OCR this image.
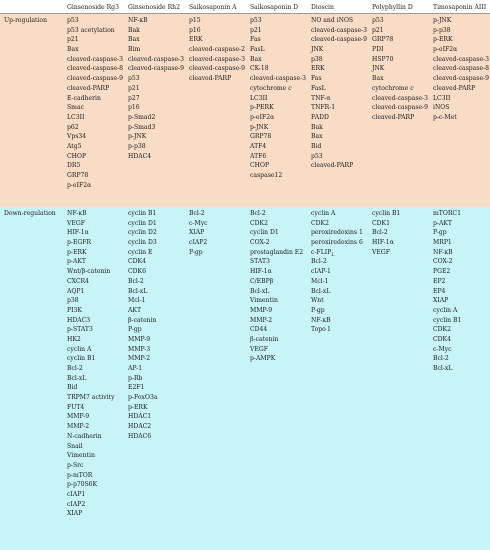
Ginsenoside Rg3 Ginsenoside Rh2 Saikosaponin A Saikosaponin D Dioscin	Polyphyllin D	Timosaponin AIII
Up-regulation
Down-regulation
p53
p53 acetylation
p21
Bax
cleaved-caspase-3
cleaved-caspase-8
cleaved-caspase-9
cleaved-PARP
E-cadherin
Smac
LC3II
p62
Vps34
Atg5
CHOP
DR5
GRP78
p-eIF2α
NF-κB
Bak
Bax
Bim
cleaved-caspase-3
cleaved-caspase-9
p53
p21
p27
p16
p-Smad2
p-Smad3
p-JNK
p-p38
HDAC4
p15
p16
ERK
cleaved-caspase-2
cleaved-caspase-3
cleaved-caspase-9
cleaved-PARP
p53
p21
Fas
FasL
Bax
CK-18
cleaved-caspase-3
cytochrome c
LC3II
p-PERK
p-eIF2α
p-JNK
GRP78
ATF4
ATF6
CHOP
caspase12
NO and iNOS
cleaved-caspase-3
cleaved-caspase-9
JNK
p38
ERK
Fas
FasL
TNF-α
TNFR-1
FADD
Bak
Bax
Bid
p53
cleaved-PARP
p53
p21
GRP78
PDI
HSP70
JNK
Bax
cytochrome c
cleaved-caspase-3
cleaved-caspase-9
cleaved-PARP
p-JNK
p-p38
p-ERK
p-eIF2α
cleaved-caspase-3
cleaved-caspase-8
cleaved-caspase-9
cleaved-PARP
LC3II
iNOS
p-c-Met
NF-κB
VEGF
HIF-1α
p-EGFR
p-ERK
p-AKT
Wnt/β-catenin
CXCR4
AQP1
p38
PI3K
HDAC3
p-STAT3
HK2
cyclin A
cyclin B1
Bcl-2
Bcl-xL
Bid
TRPM7 activity
FUT4
MMP-9
MMP-2
N-cadherin
Snail
Vimentin
p-Src
p-mTOR
p-p70S6K
cIAP1
cIAP2
XIAP
cyclin B1
cyclin D1
cyclin D2
cyclin D3
cyclin E
CDK4
CDK6
Bcl-2
Bcl-xL
Mcl-1
AKT
β-catenin
P-gp
MMP-9
MMP-3
MMP-2
AP-1
p-Rb
E2F1
p-FoxO3a
p-ERK
HDAC1
HDAC2
HDAC6
Bcl-2
c-Myc
XIAP
cIAP2
P-gp
Bcl-2
CDK2
cyclin D1
COX-2
prostaglandin E2
STAT3
HIF-1α
C/EBPβ
Bcl-xL
Vimentin
MMP-9
MMP-2
CD44
β-catenin
VEGF
p-AMPK
cyclin A
CDK2
peroxiredoxins 1
peroxiredoxins 6
$c-FLIP_L$
Bcl-2
cIAP-1
Mcl-1
Bcl-xL
Wnt
P-gp
NF-κB
Topo I
cyclin B1
CDK1
Bcl-2
HIF-1α
VEGF
mTORC1
p-AKT
P-gp
MRP1
NF-κB
COX-2
PGE2
EP2
EP4
XIAP
cyclin A
cyclin B1
CDK2
CDK4
c-Myc
Bcl-2
Bcl-xL
